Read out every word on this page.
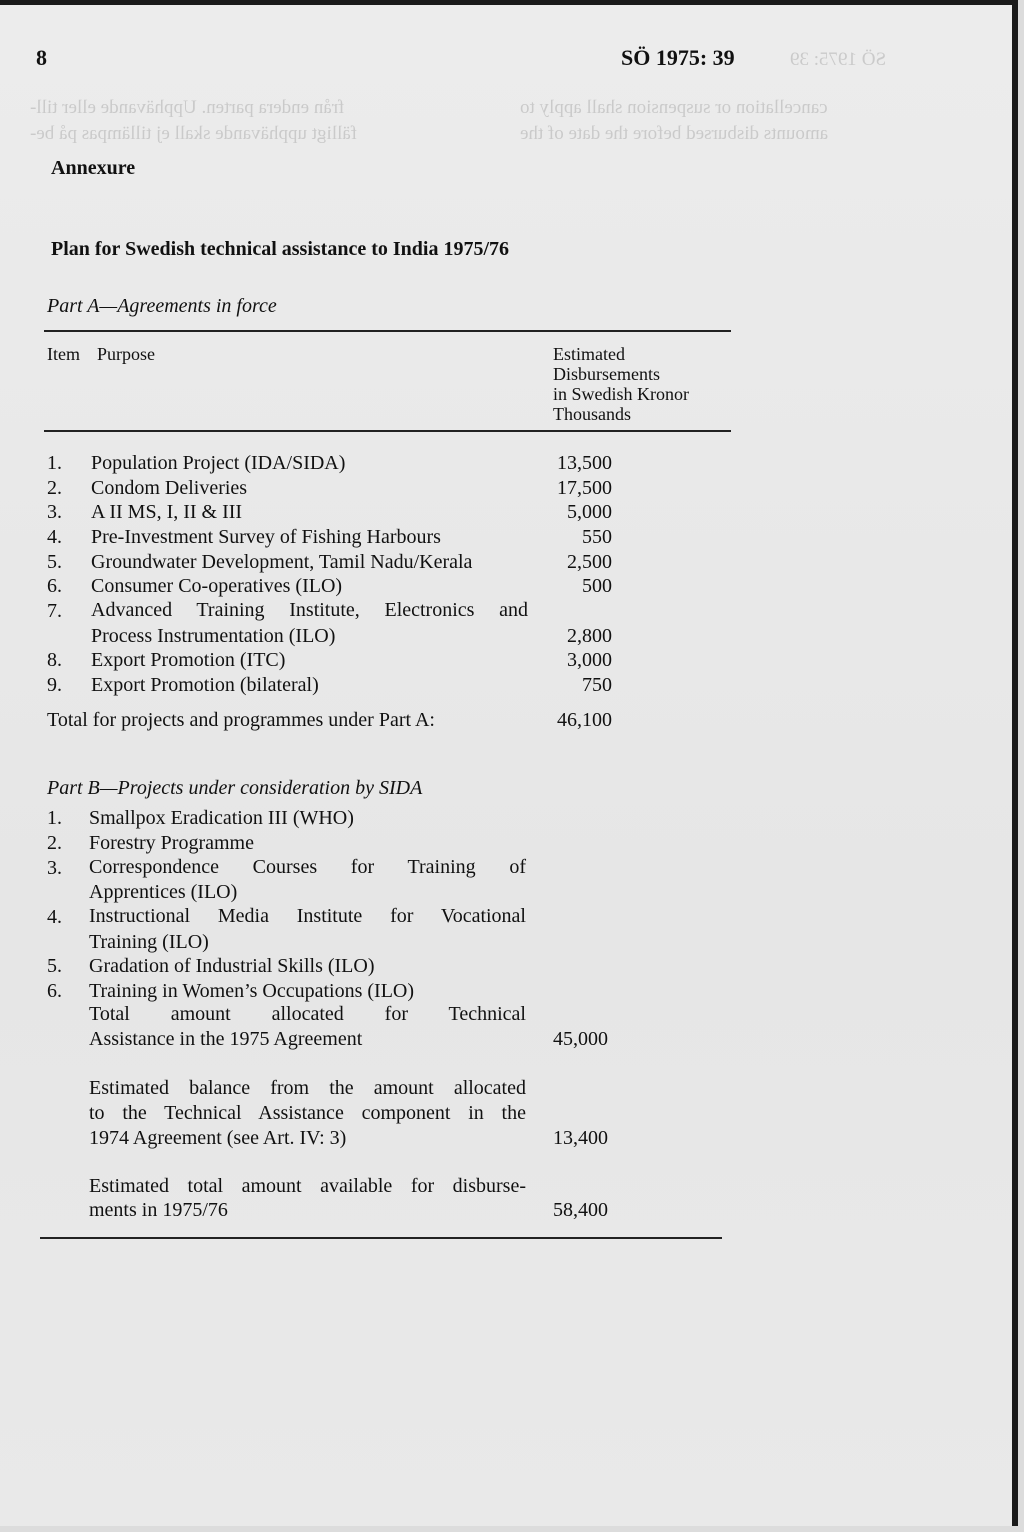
SÖ 1975: 39
cancellation or suspension shall apply to
amounts disbursed before the date of the
från endera parten. Upphävande eller till-
fälligt upphävande skall ej tillämpas på be-
8	SÖ 1975: 39
Annexure
Plan for Swedish technical assistance to India 1975/76
Part A—Agreements in force
Item Purpose	Estimated
Disbursements
in Swedish Kronor
Thousands
1. Population Project (IDA/SIDA)	13,500
2. Condom Deliveries	17,500
3. A II MS, I, II & III	5,000
4. Pre-Investment Survey of Fishing Harbours	550
5. Groundwater Development, Tamil Nadu/Kerala	2,500
6. Consumer Co-operatives (ILO)	500
7. Advanced Training Institute, Electronics and
Process Instrumentation (ILO)	2,800
8. Export Promotion (ITC)	3,000
9. Export Promotion (bilateral)	750
Total for projects and programmes under Part A:	46,100
Part B—Projects under consideration by SIDA
1. Smallpox Eradication III (WHO)
2. Forestry Programme
3. Correspondence Courses for Training of
Apprentices (ILO)
4. Instructional Media Institute for Vocational
Training (ILO)
5. Gradation of Industrial Skills (ILO)
6. Training in Women’s Occupations (ILO)
Total amount allocated for Technical
Assistance in the 1975 Agreement	45,000
Estimated balance from the amount allocated
to the Technical Assistance component in the
1974 Agreement (see Art. IV: 3)	13,400
Estimated total amount available for disburse-
ments in 1975/76	58,400
